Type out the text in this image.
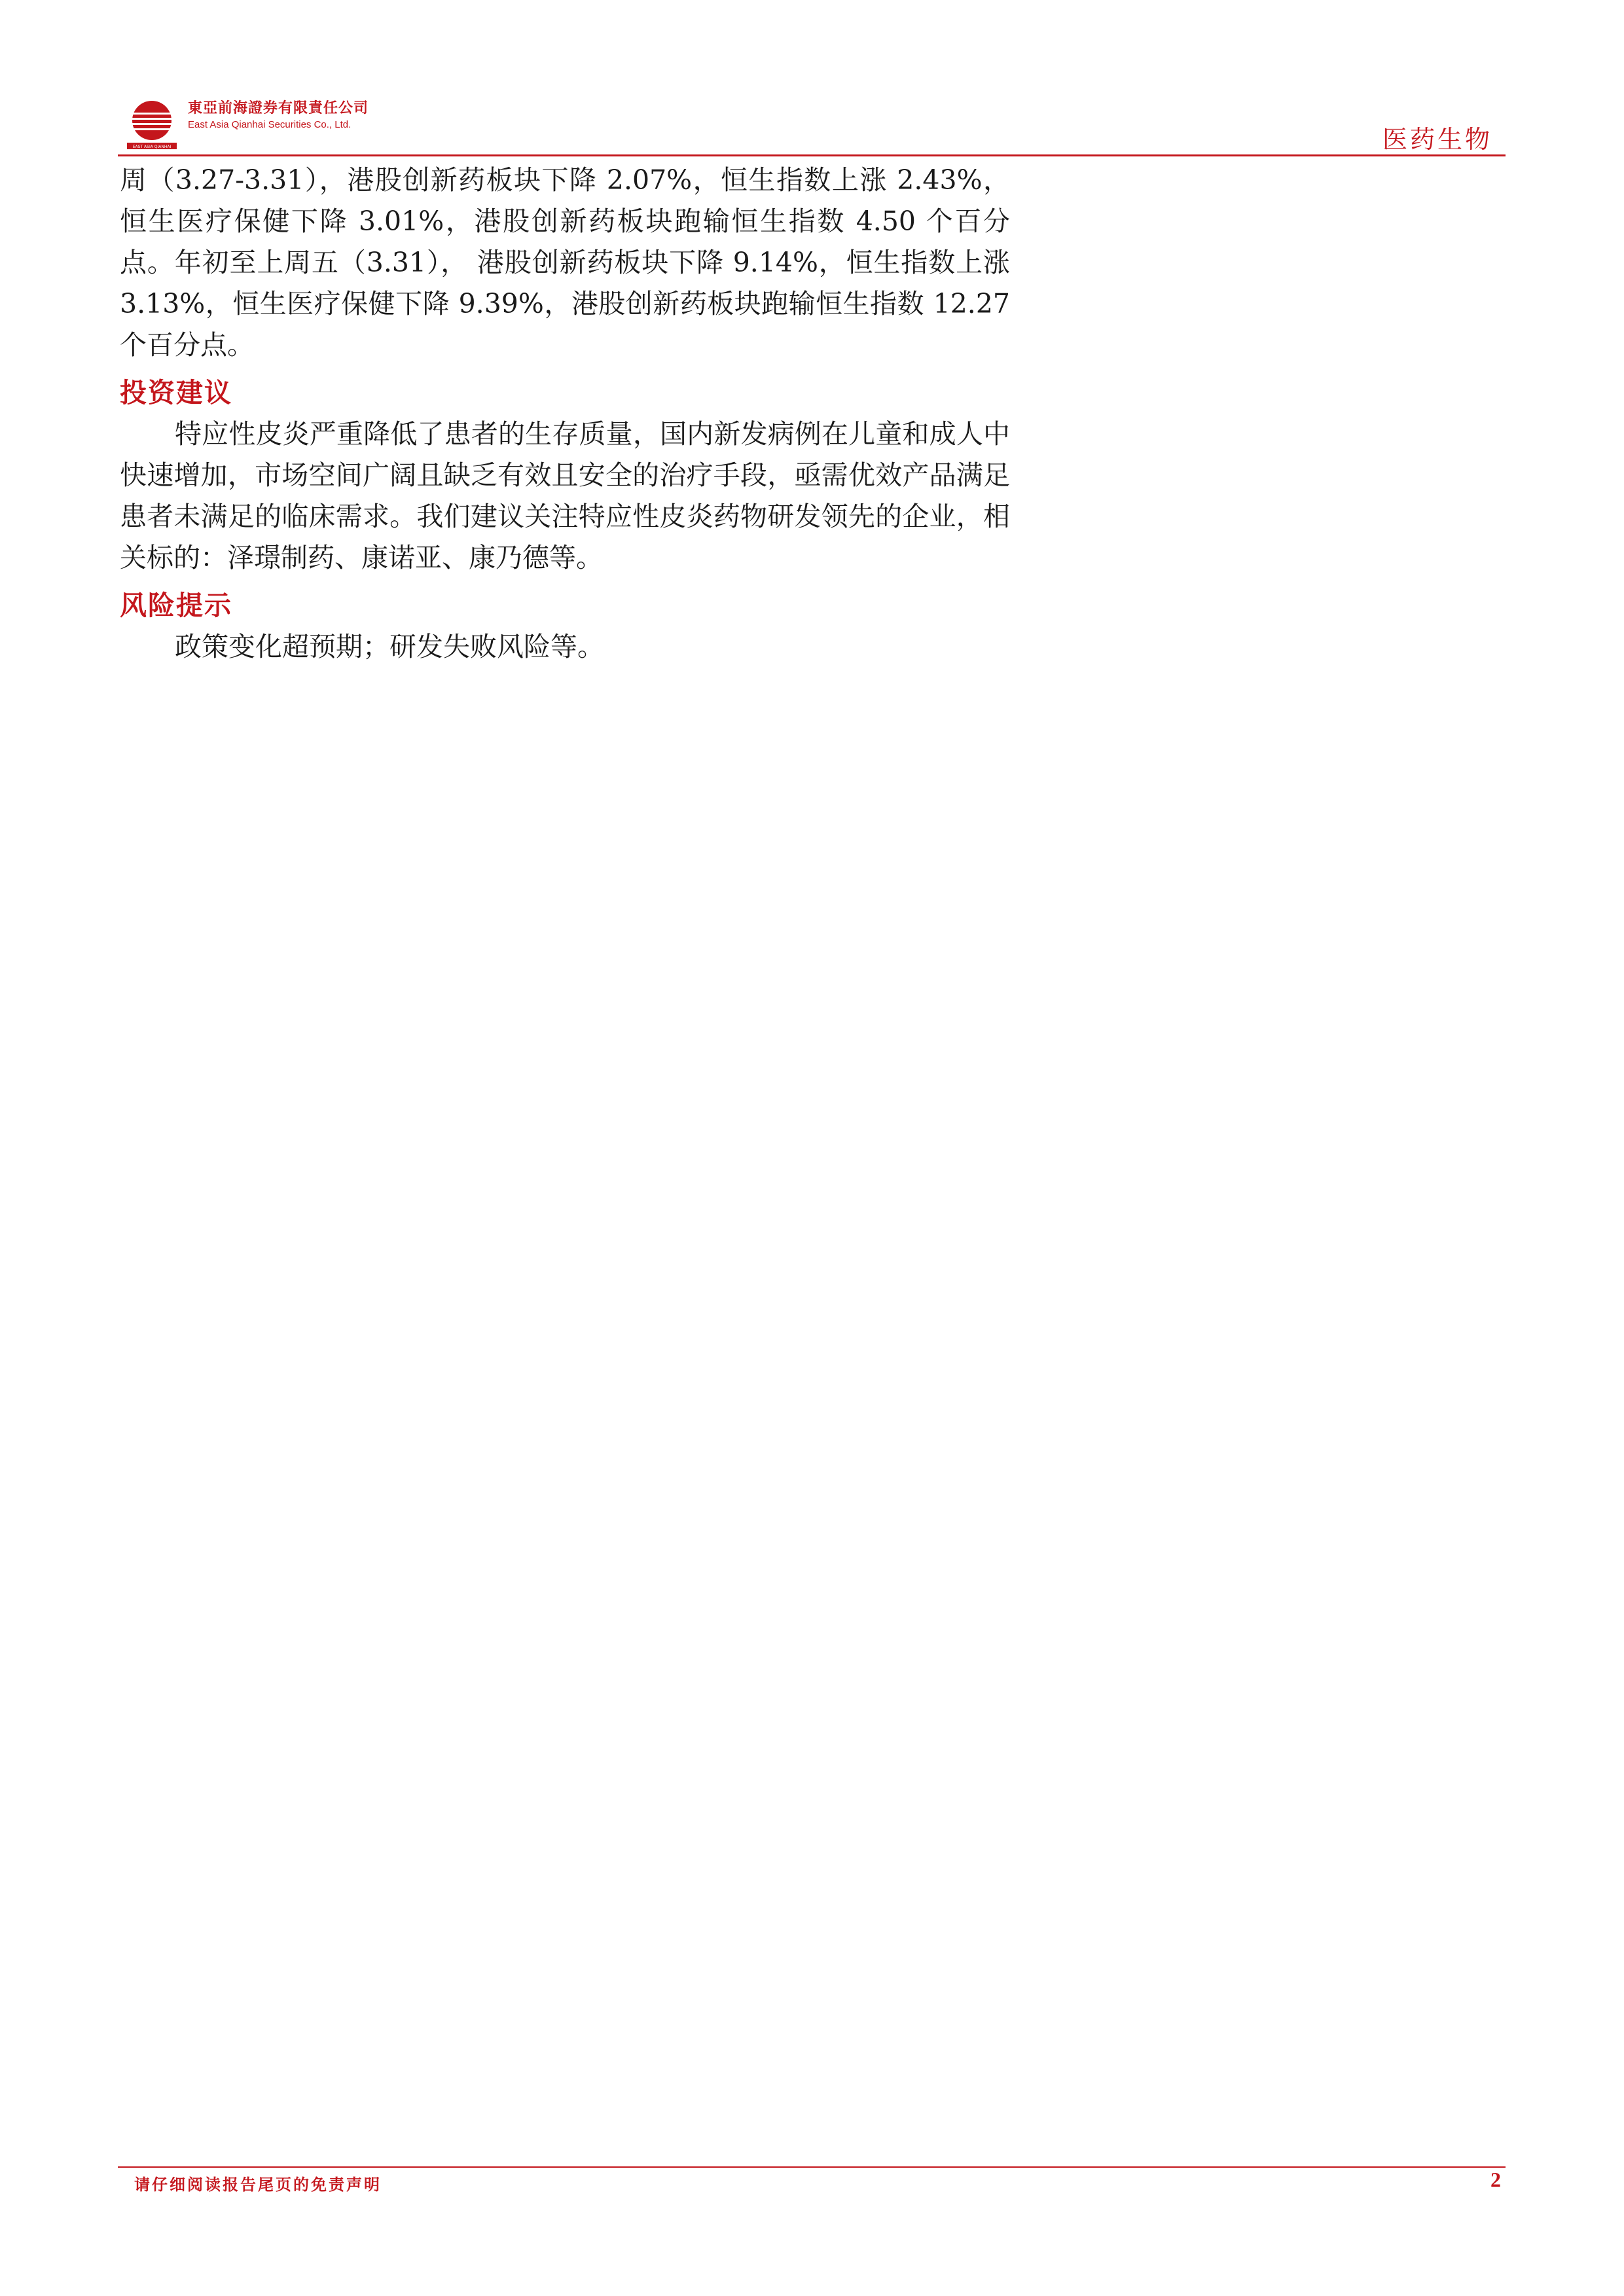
EAST ASIA QIANHAI
東亞前海證券有限責任公司
East Asia Qianhai Securities Co., Ltd.
医药生物

周（3.27-3.31），港股创新药板块下降 2.07%，恒生指数上涨 2.43%，恒生医疗保健下降 3.01%，港股创新药板块跑输恒生指数 4.50 个百分点。年初至上周五（3.31）， 港股创新药板块下降 9.14%，恒生指数上涨 3.13%，恒生医疗保健下降 9.39%，港股创新药板块跑输恒生指数 12.27 个百分点。

投资建议

特应性皮炎严重降低了患者的生存质量，国内新发病例在儿童和成人中快速增加，市场空间广阔且缺乏有效且安全的治疗手段，亟需优效产品满足患者未满足的临床需求。我们建议关注特应性皮炎药物研发领先的企业，相关标的：泽璟制药、康诺亚、康乃德等。

风险提示

政策变化超预期；研发失败风险等。

请仔细阅读报告尾页的免责声明	2
